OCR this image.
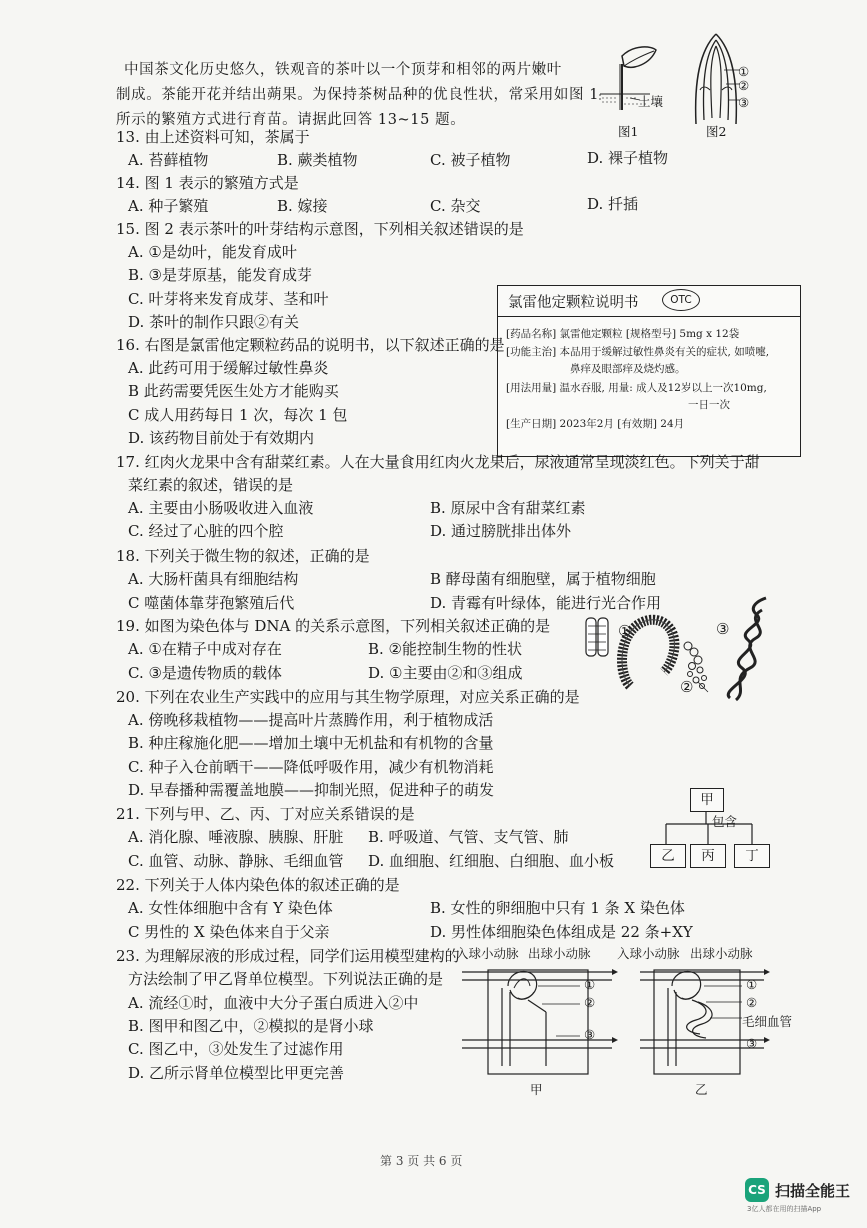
中国茶文化历史悠久，铁观音的茶叶以一个顶芽和相邻的两片嫩叶
制成。茶能开花并结出蒴果。为保持茶树品种的优良性状，常采用如图 1
所示的繁殖方式进行育苗。请据此回答 13~15 题。
土壤
图1
①
②
③
图2
13. 由上述资料可知，茶属于
A. 苔藓植物	B. 蕨类植物	C. 被子植物	D. 裸子植物
14. 图 1 表示的繁殖方式是
A. 种子繁殖	B. 嫁接	C. 杂交	D. 扦插
15. 图 2 表示茶叶的叶芽结构示意图，下列相关叙述错误的是
A. ①是幼叶，能发育成叶
B. ③是芽原基，能发育成芽
C. 叶芽将来发育成芽、茎和叶
D. 茶叶的制作只跟②有关
氯雷他定颗粒说明书	OTC
[药品名称] 氯雷他定颗粒 [规格型号] 5mg x 12袋
[功能主治] 本品用于缓解过敏性鼻炎有关的症状, 如喷嚏,
鼻痒及眼部痒及烧灼感。
[用法用量] 温水吞服, 用量: 成人及12岁以上一次10mg,
一日一次
[生产日期] 2023年2月 [有效期] 24月
16. 右图是氯雷他定颗粒药品的说明书，以下叙述正确的是
A. 此药可用于缓解过敏性鼻炎
B 此药需要凭医生处方才能购买
C 成人用药每日 1 次，每次 1 包
D. 该药物目前处于有效期内
17. 红肉火龙果中含有甜菜红素。人在大量食用红肉火龙果后，尿液通常呈现淡红色。下列关于甜
菜红素的叙述，错误的是
A. 主要由小肠吸收进入血液	B. 原尿中含有甜菜红素
C. 经过了心脏的四个腔	D. 通过膀胱排出体外
18. 下列关于微生物的叙述，正确的是
A. 大肠杆菌具有细胞结构	B 酵母菌有细胞壁，属于植物细胞
C 噬菌体靠芽孢繁殖后代	D. 青霉有叶绿体，能进行光合作用
①
②
③
19. 如图为染色体与 DNA 的关系示意图，下列相关叙述正确的是
A. ①在精子中成对存在	B. ②能控制生物的性状
C. ③是遗传物质的载体	D. ①主要由②和③组成
20. 下列在农业生产实践中的应用与其生物学原理，对应关系正确的是
A. 傍晚移栽植物——提高叶片蒸腾作用，利于植物成活
B. 种庄稼施化肥——增加土壤中无机盐和有机物的含量
C. 种子入仓前晒干——降低呼吸作用，减少有机物消耗
D. 早春播种需覆盖地膜——抑制光照，促进种子的萌发
甲
包含
乙	丙	丁
21. 下列与甲、乙、丙、丁对应关系错误的是
A. 消化腺、唾液腺、胰腺、肝脏 B. 呼吸道、气管、支气管、肺
C. 血管、动脉、静脉、毛细血管 D. 血细胞、红细胞、白细胞、血小板
22. 下列关于人体内染色体的叙述正确的是
A. 女性体细胞中含有 Y 染色体	B. 女性的卵细胞中只有 1 条 X 染色体
C 男性的 X 染色体来自于父亲	D. 男性体细胞染色体组成是 22 条+XY
23. 为理解尿液的形成过程，同学们运用模型建构的
方法绘制了甲乙肾单位模型。下列说法正确的是
A. 流经①时，血液中大分子蛋白质进入②中
B. 图甲和图乙中，②模拟的是肾小球
C. 图乙中，③处发生了过滤作用
D. 乙所示肾单位模型比甲更完善
入球小动脉 出球小动脉
①
②
③
甲
入球小动脉 出球小动脉
①
②
毛细血管
③
乙
第 3 页 共 6 页
CS 扫描全能王
3亿人都在用的扫描App
